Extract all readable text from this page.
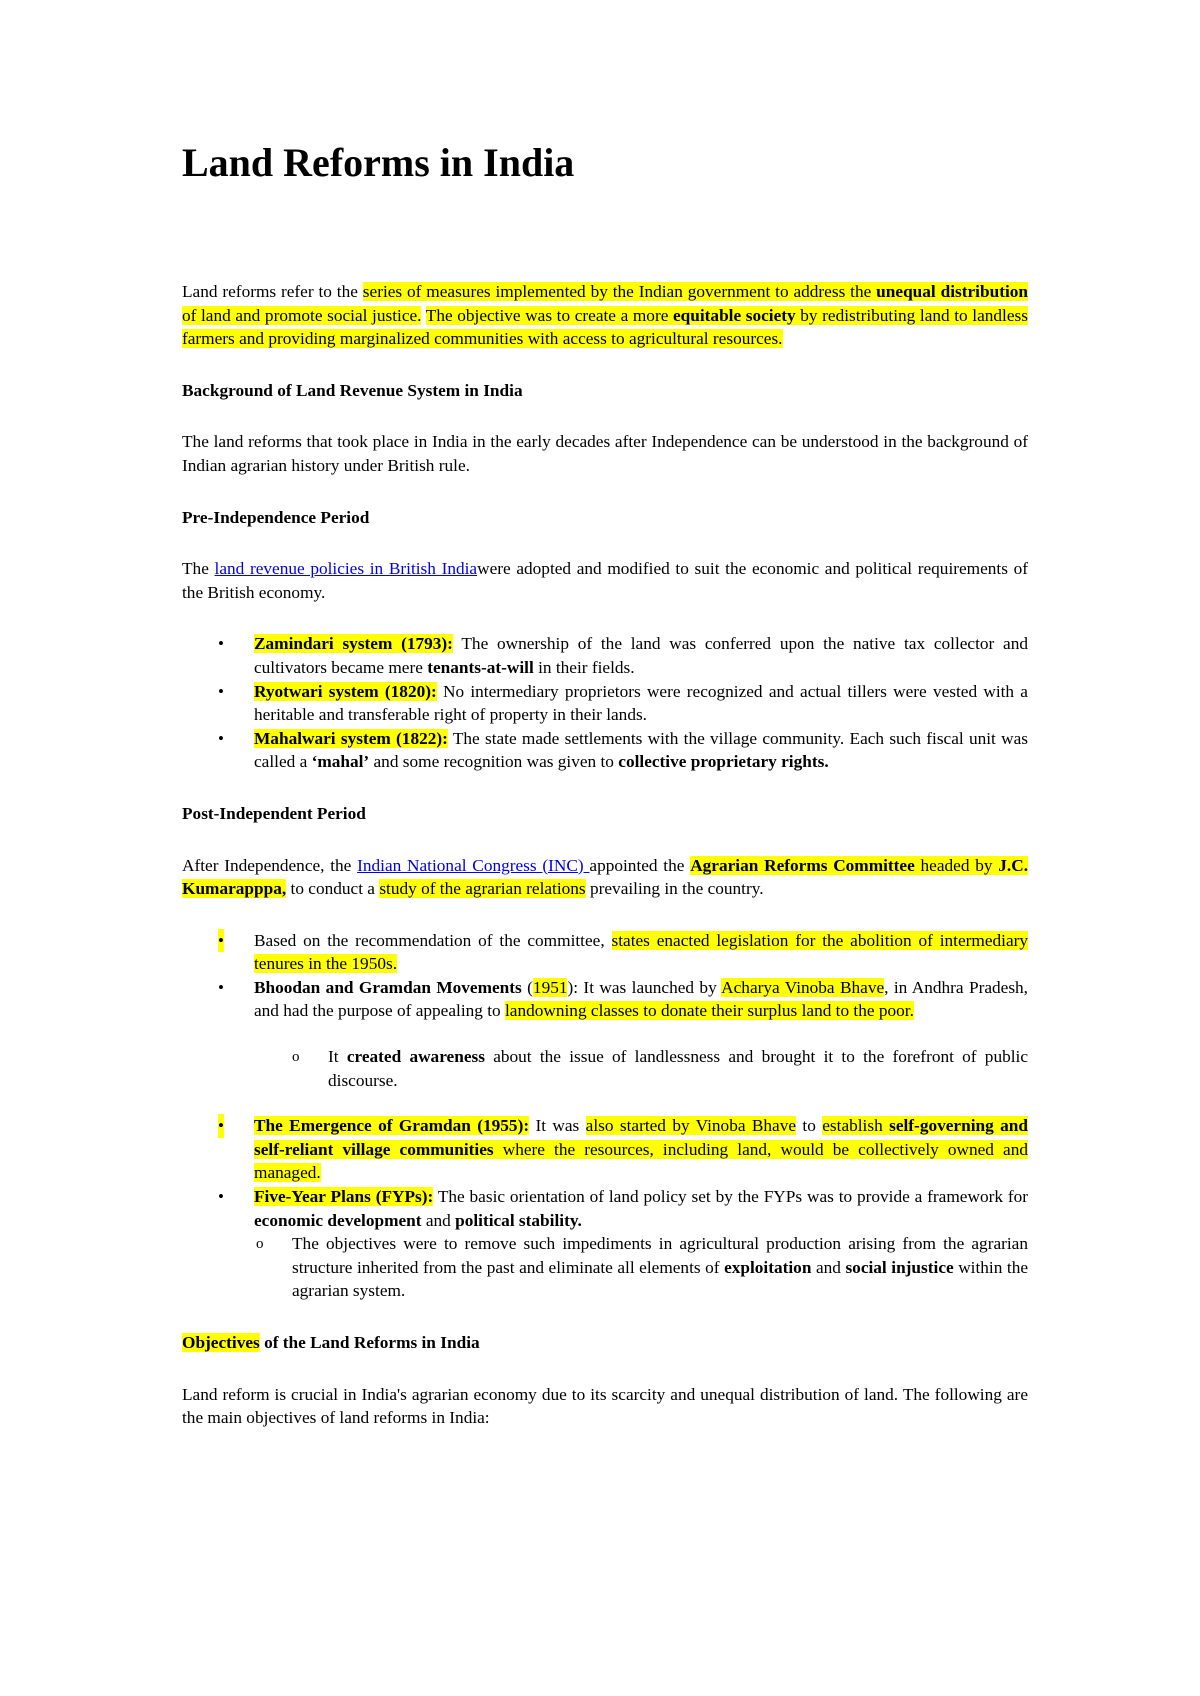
Land Reforms in India

Land reforms refer to the series of measures implemented by the Indian government to address the unequal distribution of land and promote social justice. The objective was to create a more equitable society by redistributing land to landless farmers and providing marginalized communities with access to agricultural resources.

Background of Land Revenue System in India

The land reforms that took place in India in the early decades after Independence can be understood in the background of Indian agrarian history under British rule.

Pre-Independence Period

The land revenue policies in British Indiawere adopted and modified to suit the economic and political requirements of the British economy.

• Zamindari system (1793): The ownership of the land was conferred upon the native tax collector and cultivators became mere tenants-at-will in their fields.
• Ryotwari system (1820): No intermediary proprietors were recognized and actual tillers were vested with a heritable and transferable right of property in their lands.
• Mahalwari system (1822): The state made settlements with the village community. Each such fiscal unit was called a ‘mahal’ and some recognition was given to collective proprietary rights.

Post-Independent Period

After Independence, the Indian National Congress (INC) appointed the Agrarian Reforms Committee headed by J.C. Kumarapppa, to conduct a study of the agrarian relations prevailing in the country.

• Based on the recommendation of the committee, states enacted legislation for the abolition of intermediary tenures in the 1950s.
• Bhoodan and Gramdan Movements (1951): It was launched by Acharya Vinoba Bhave, in Andhra Pradesh, and had the purpose of appealing to landowning classes to donate their surplus land to the poor.
o It created awareness about the issue of landlessness and brought it to the forefront of public discourse.
• The Emergence of Gramdan (1955): It was also started by Vinoba Bhave to establish self-governing and self-reliant village communities where the resources, including land, would be collectively owned and managed.
• Five-Year Plans (FYPs): The basic orientation of land policy set by the FYPs was to provide a framework for economic development and political stability.
o The objectives were to remove such impediments in agricultural production arising from the agrarian structure inherited from the past and eliminate all elements of exploitation and social injustice within the agrarian system.

Objectives of the Land Reforms in India

Land reform is crucial in India's agrarian economy due to its scarcity and unequal distribution of land. The following are the main objectives of land reforms in India:
